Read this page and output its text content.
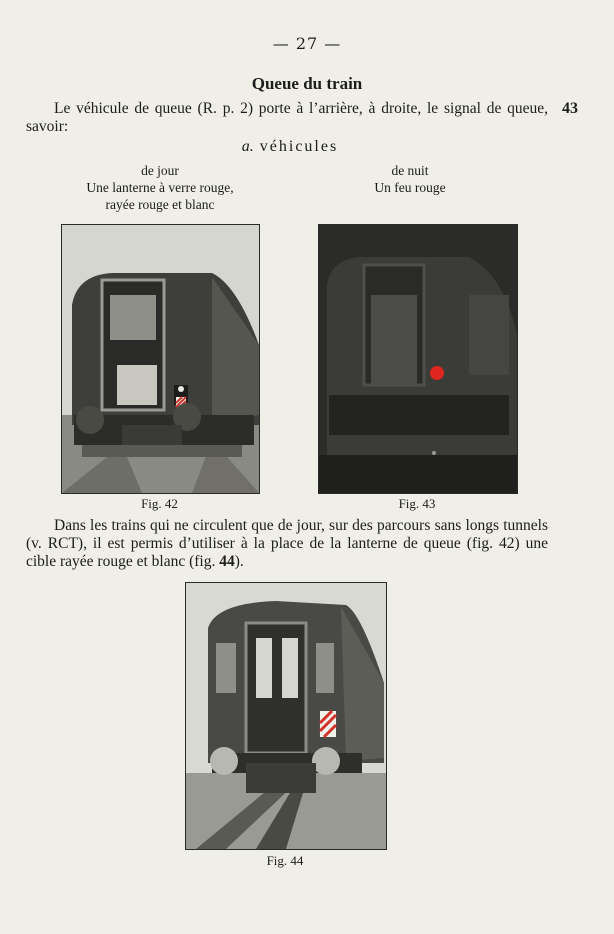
— 27 —
Queue du train
Le véhicule de queue (R. p. 2) porte à l’arrière, à droite, le signal de queue, savoir:
43
a. véhicules
de jour
Une lanterne à verre rouge,
rayée rouge et blanc
de nuit
Un feu rouge
Fig. 42	Fig. 43
Dans les trains qui ne circulent que de jour, sur des parcours sans longs tunnels (v. RCT), il est permis d’utiliser à la place de la lanterne de queue (fig. 42) une cible rayée rouge et blanc (fig. 44).
Fig. 44
